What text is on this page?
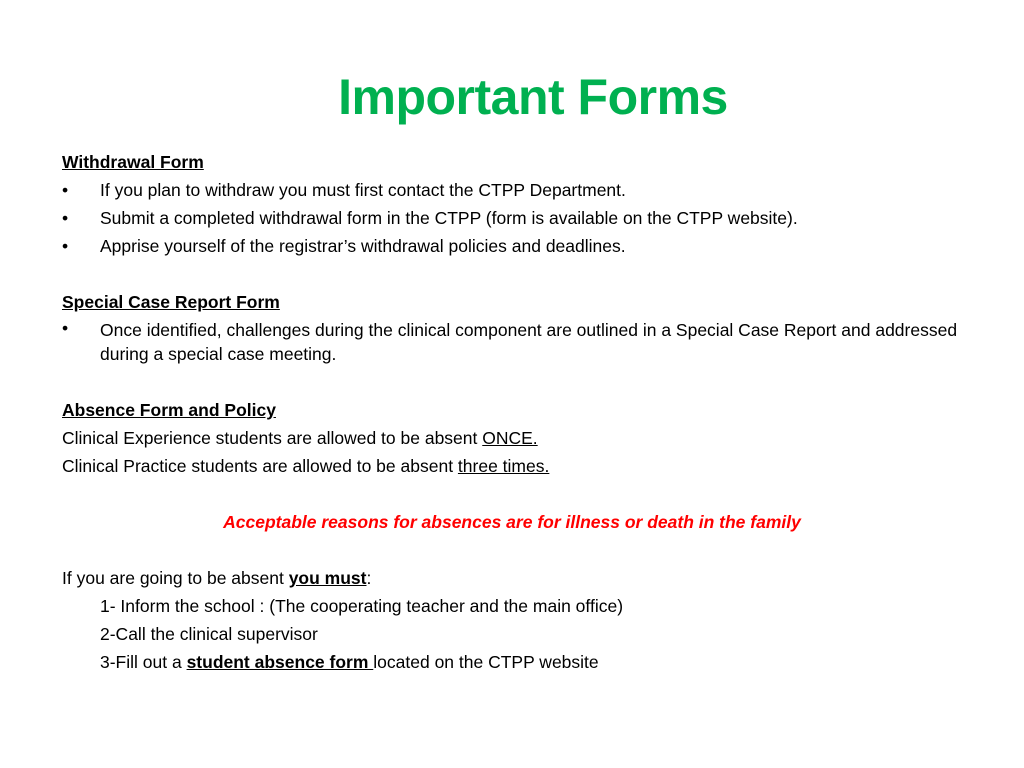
Important Forms
Withdrawal Form
• If you plan to withdraw you must first contact the CTPP Department.
• Submit a completed withdrawal form in the CTPP (form is available on the CTPP website).
• Apprise yourself of the registrar’s withdrawal policies and deadlines.
Special Case Report Form
• Once identified, challenges during the clinical component are outlined in a Special Case Report and addressed during a special case meeting.
Absence Form and Policy
Clinical Experience students are allowed to be absent ONCE.
Clinical Practice students are allowed to be absent three times.
Acceptable reasons for absences are for illness or death in the family
If you are going to be absent you must:
1- Inform the school : (The cooperating teacher and the main office)
2-Call the clinical supervisor
3-Fill out a student absence form located on the CTPP website
